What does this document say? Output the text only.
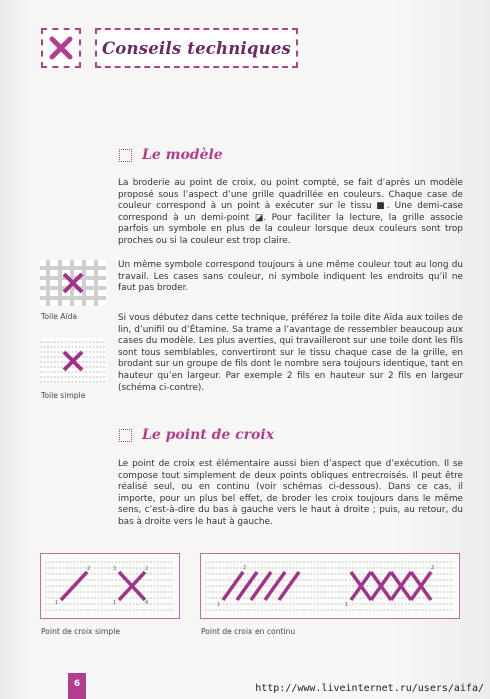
Conseils techniques
Le modèle
La broderie au point de croix, ou point compté, se fait d’après un modèle proposé sous l’aspect d’une grille quadrillée en couleurs. Chaque case de couleur correspond à un point à exécuter sur le tissu ■. Une demi-case correspond à un demi-point ◪. Pour faciliter la lecture, la grille associe parfois un symbole en plus de la couleur lorsque deux couleurs sont trop proches ou si la couleur est trop claire.
Un même symbole correspond toujours à une même couleur tout au long du travail. Les cases sans couleur, ni symbole indiquent les endroits qu’il ne faut pas broder.
Si vous débutez dans cette technique, préférez la toile dite Aïda aux toiles de lin, d’unifil ou d’Étamine. Sa trame a l’avantage de ressembler beaucoup aux cases du modèle. Les plus averties, qui travailleront sur une toile dont les fils sont tous semblables, convertiront sur le tissu chaque case de la grille, en brodant sur un groupe de fils dont le nombre sera toujours identique, tant en hauteur qu’en largeur. Par exemple 2 fils en hauteur sur 2 fils en largeur (schéma ci-contre).
Toile Aïda
Toile simple
Le point de croix
Le point de croix est élémentaire aussi bien d’aspect que d’exécution. Il se compose tout simplement de deux points obliques entrecroisés. Il peut être réalisé seul, ou en continu (voir schémas ci-dessous). Dans ce cas, il importe, pour un plus bel effet, de broder les croix toujours dans le même sens, c’est-à-dire du bas à gauche vers le haut à droite ; puis, au retour, du bas à droite vers le haut à gauche.
1
2
1
2
3
4
Point de croix simple
1
2
1
2
Point de croix en continu
6	http://www.liveinternet.ru/users/aifa/
